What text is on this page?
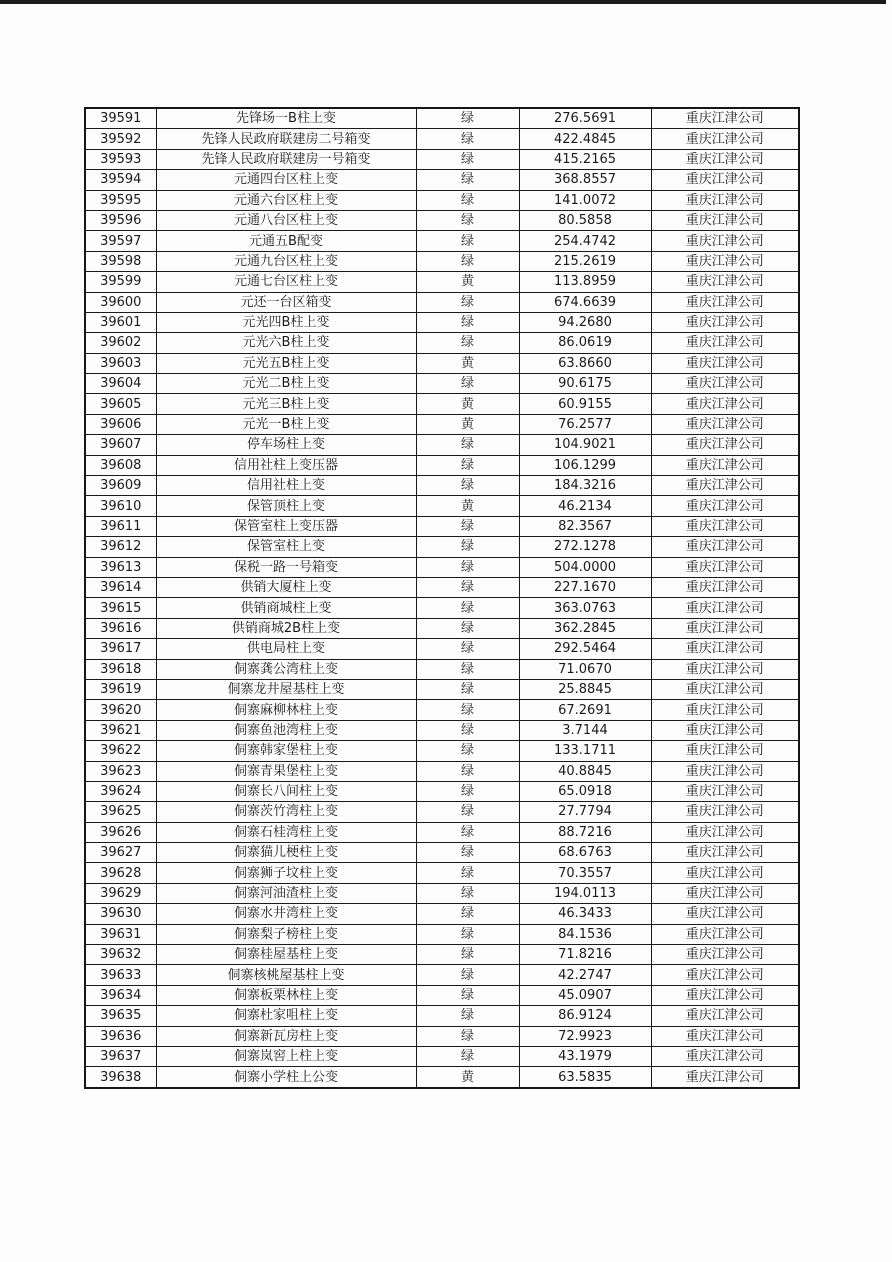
39591	先锋场一B柱上变	绿	276.5691	重庆江津公司
39592	先锋人民政府联建房二号箱变	绿	422.4845	重庆江津公司
39593	先锋人民政府联建房一号箱变	绿	415.2165	重庆江津公司
39594	元通四台区柱上变	绿	368.8557	重庆江津公司
39595	元通六台区柱上变	绿	141.0072	重庆江津公司
39596	元通八台区柱上变	绿	80.5858	重庆江津公司
39597	元通五B配变	绿	254.4742	重庆江津公司
39598	元通九台区柱上变	绿	215.2619	重庆江津公司
39599	元通七台区柱上变	黄	113.8959	重庆江津公司
39600	元还一台区箱变	绿	674.6639	重庆江津公司
39601	元光四B柱上变	绿	94.2680	重庆江津公司
39602	元光六B柱上变	绿	86.0619	重庆江津公司
39603	元光五B柱上变	黄	63.8660	重庆江津公司
39604	元光二B柱上变	绿	90.6175	重庆江津公司
39605	元光三B柱上变	黄	60.9155	重庆江津公司
39606	元光一B柱上变	黄	76.2577	重庆江津公司
39607	停车场柱上变	绿	104.9021	重庆江津公司
39608	信用社柱上变压器	绿	106.1299	重庆江津公司
39609	信用社柱上变	绿	184.3216	重庆江津公司
39610	保管顶柱上变	黄	46.2134	重庆江津公司
39611	保管室柱上变压器	绿	82.3567	重庆江津公司
39612	保管室柱上变	绿	272.1278	重庆江津公司
39613	保税一路一号箱变	绿	504.0000	重庆江津公司
39614	供销大厦柱上变	绿	227.1670	重庆江津公司
39615	供销商城柱上变	绿	363.0763	重庆江津公司
39616	供销商城2B柱上变	绿	362.2845	重庆江津公司
39617	供电局柱上变	绿	292.5464	重庆江津公司
39618	侗寨龚公湾柱上变	绿	71.0670	重庆江津公司
39619	侗寨龙井屋基柱上变	绿	25.8845	重庆江津公司
39620	侗寨麻柳林柱上变	绿	67.2691	重庆江津公司
39621	侗寨鱼池湾柱上变	绿	3.7144	重庆江津公司
39622	侗寨韩家堡柱上变	绿	133.1711	重庆江津公司
39623	侗寨青果堡柱上变	绿	40.8845	重庆江津公司
39624	侗寨长八间柱上变	绿	65.0918	重庆江津公司
39625	侗寨茨竹湾柱上变	绿	27.7794	重庆江津公司
39626	侗寨石桂湾柱上变	绿	88.7216	重庆江津公司
39627	侗寨猫儿梗柱上变	绿	68.6763	重庆江津公司
39628	侗寨狮子坟柱上变	绿	70.3557	重庆江津公司
39629	侗寨河油渣柱上变	绿	194.0113	重庆江津公司
39630	侗寨水井湾柱上变	绿	46.3433	重庆江津公司
39631	侗寨梨子榜柱上变	绿	84.1536	重庆江津公司
39632	侗寨桂屋基柱上变	绿	71.8216	重庆江津公司
39633	侗寨核桃屋基柱上变	绿	42.2747	重庆江津公司
39634	侗寨板栗林柱上变	绿	45.0907	重庆江津公司
39635	侗寨杜家咀柱上变	绿	86.9124	重庆江津公司
39636	侗寨新瓦房柱上变	绿	72.9923	重庆江津公司
39637	侗寨岚窖上柱上变	绿	43.1979	重庆江津公司
39638	侗寨小学柱上公变	黄	63.5835	重庆江津公司
